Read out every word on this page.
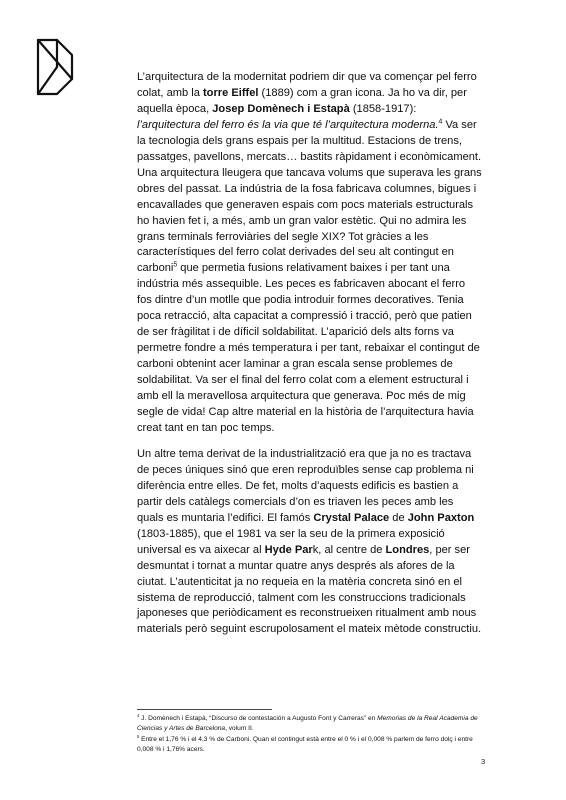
L’arquitectura de la modernitat podriem dir que va començar pel ferro colat, amb la torre Eiffel (1889) com a gran icona. Ja ho va dir, per aquella època, Josep Domènech i Estapà (1858-1917): l’arquitectura del ferro és la via que té l’arquitectura moderna.$^4$ Va ser la tecnologia dels grans espais per la multitud. Estacions de trens, passatges, pavellons, mercats… bastits ràpidament i econòmicament. Una arquitectura lleugera que tancava volums que superava les grans obres del passat. La indústria de la fosa fabricava columnes, bigues i encavallades que generaven espais com pocs materials estructurals ho havien fet i, a més, amb un gran valor estètic. Qui no admira les grans terminals ferroviàries del segle XIX? Tot gràcies a les característiques del ferro colat derivades del seu alt contingut en carboni$^5$ que permetia fusions relativament baixes i per tant una indústria més assequible. Les peces es fabricaven abocant el ferro fos dintre d’un motlle que podia introduir formes decoratives. Tenia poca retracció, alta capacitat a compressió i tracció, però que patien de ser fràgilitat i de díficil soldabilitat. L’aparició dels alts forns va permetre fondre a més temperatura i per tant, rebaixar el contingut de carboni obtenint acer laminar a gran escala sense problemes de soldabilitat. Va ser el final del ferro colat com a element estructural i amb ell la meravellosa arquitectura que generava. Poc més de mig segle de vida! Cap altre material en la història de l’arquitectura havia creat tant en tan poc temps.

Un altre tema derivat de la industrialització era que ja no es tractava de peces úniques sinó que eren reproduïbles sense cap problema ni diferència entre elles. De fet, molts d’aquests edificis es bastien a partir dels catàlegs comercials d’on es triaven les peces amb les quals es muntaria l’edifici. El famós Crystal Palace de John Paxton (1803-1885), que el 1981 va ser la seu de la primera exposició universal es va aixecar al Hyde Park, al centre de Londres, per ser desmuntat i tornat a muntar quatre anys després als afores de la ciutat. L’autenticitat ja no requeia en la matèria concreta sinó en el sistema de reproducció, talment com les construccions tradicionals japoneses que periòdicament es reconstrueixen ritualment amb nous materials però seguint escrupolosament el mateix mètode constructiu.

$^4$ J. Domènech i Estapà, “Discurso de contestación a Augusto Font y Carreras” en Memorias de la Real Academia de Ciencias y Artes de Barcelona, volum II.

$^5$ Entre el 1,76 % i el 4,3 % de Carboni. Quan el contingut està entre el 0 % i el 0,008 % parlem de ferro dolç i entre 0,008 % i 1,76% acers.

3
